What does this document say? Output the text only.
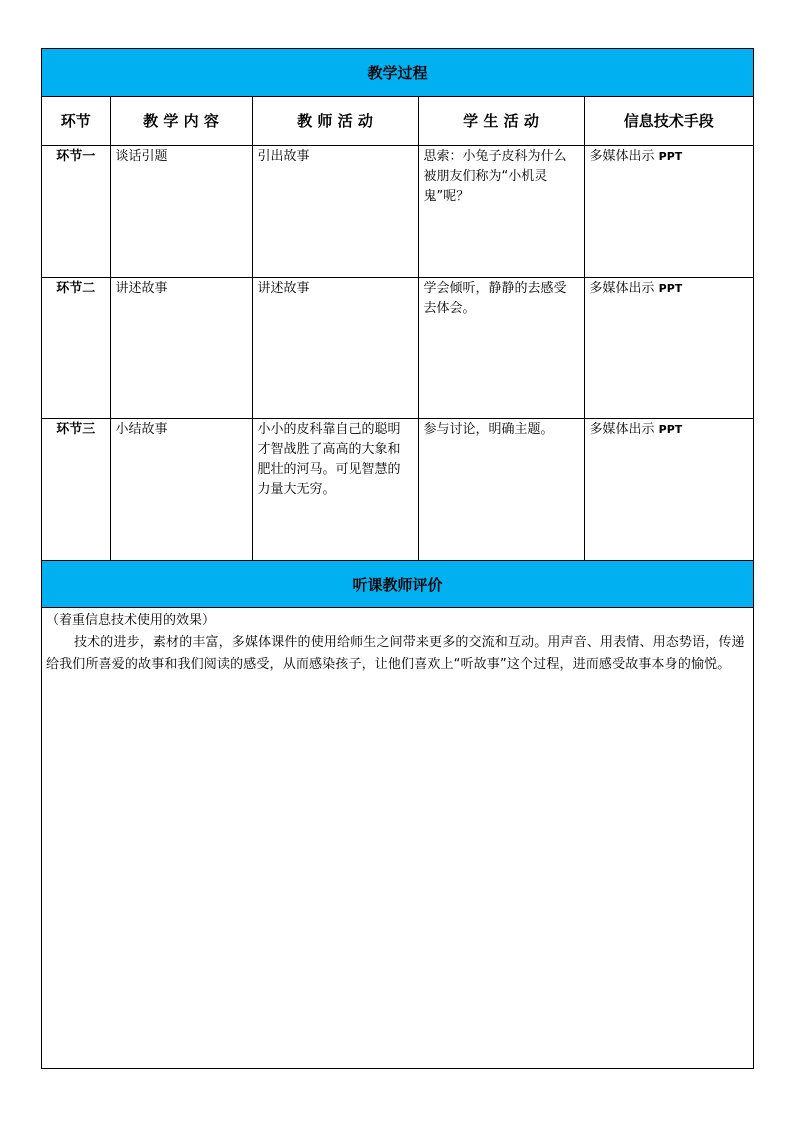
教学过程
环节	教 学 内 容	教 师 活 动	学 生 活 动	信息技术手段
环节一	谈话引题	引出故事	思索：小兔子皮科为什么被朋友们称为“小机灵鬼”呢？	多媒体出示 PPT
环节二	讲述故事	讲述故事	学会倾听，静静的去感受去体会。	多媒体出示 PPT
环节三	小结故事	小小的皮科靠自己的聪明才智战胜了高高的大象和肥壮的河马。可见智慧的力量大无穷。	参与讨论，明确主题。	多媒体出示 PPT
听课教师评价

（着重信息技术使用的效果）

技术的进步，素材的丰富，多媒体课件的使用给师生之间带来更多的交流和互动。用声音、用表情、用态势语，传递给我们所喜爱的故事和我们阅读的感受，从而感染孩子，让他们喜欢上“听故事”这个过程，进而感受故事本身的愉悦。
